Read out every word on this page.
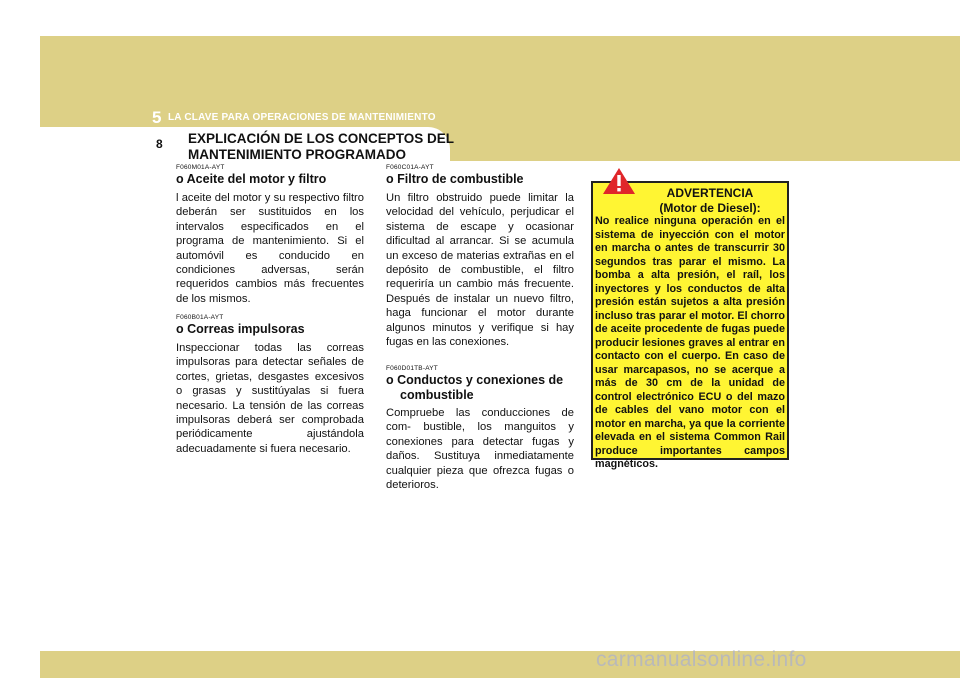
5 LA CLAVE PARA OPERACIONES DE MANTENIMIENTO
8 EXPLICACIÓN DE LOS CONCEPTOS DEL
MANTENIMIENTO PROGRAMADO
F060M01A-AYT
o Aceite del motor y filtro
l aceite del motor y su respectivo filtro deberán ser sustituidos en los intervalos especificados en el programa de mantenimiento. Si el automóvil es conducido en condiciones adversas, serán requeridos cambios más frecuentes de los mismos.
F060B01A-AYT
o Correas impulsoras
Inspeccionar todas las correas impulsoras para detectar señales de cortes, grietas, desgastes excesivos o grasas y sustitúyalas si fuera necesario. La tensión de las correas impulsoras deberá ser comprobada periódicamente ajustándola adecuadamente si fuera necesario.
F060C01A-AYT
o Filtro de combustible
Un filtro obstruido puede limitar la velocidad del vehículo, perjudicar el sistema de escape y ocasionar dificultad al arrancar. Si se acumula un exceso de materias extrañas en el depósito de combustible, el filtro requeriría un cambio más frecuente. Después de instalar un nuevo filtro, haga funcionar el motor durante algunos minutos y verifique si hay fugas en las conexiones.
F060D01TB-AYT
o Conductos y conexiones de
combustible
Compruebe las conducciones de com- bustible, los manguitos y conexiones para detectar fugas y daños. Sustituya inmediatamente cualquier pieza que ofrezca fugas o deterioros.
ADVERTENCIA
(Motor de Diesel):
No realice ninguna operación en el sistema de inyección con el motor en marcha o antes de transcurrir 30 segundos tras parar el mismo. La bomba a alta presión, el raíl, los inyectores y los conductos de alta presión están sujetos a alta presión incluso tras parar el motor. El chorro de aceite procedente de fugas puede producir lesiones graves al entrar en contacto con el cuerpo. En caso de usar marcapasos, no se acerque a más de 30 cm de la unidad de control electrónico ECU o del mazo de cables del vano motor con el motor en marcha, ya que la corriente elevada en el sistema Common Rail produce importantes campos magnéticos.
carmanualsonline.info
